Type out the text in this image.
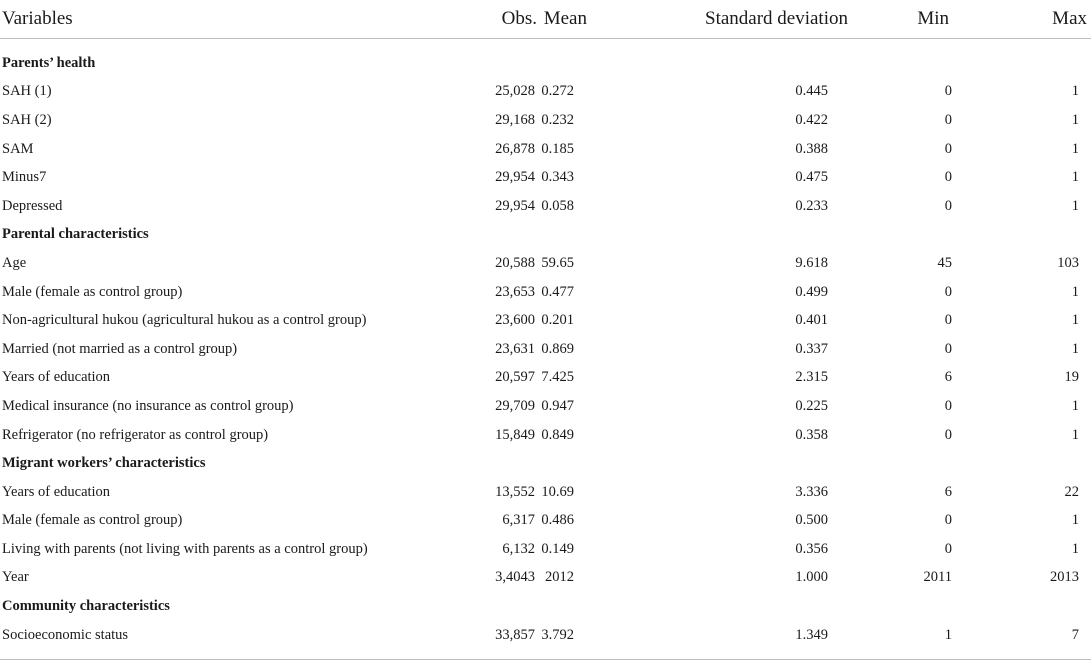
Variables	Obs.	Mean	Standard deviation	Min	Max
Parents’ health					
SAH (1)	25,028	0.272	0.445	0	1
SAH (2)	29,168	0.232	0.422	0	1
SAM	26,878	0.185	0.388	0	1
Minus7	29,954	0.343	0.475	0	1
Depressed	29,954	0.058	0.233	0	1
Parental characteristics					
Age	20,588	59.65	9.618	45	103
Male (female as control group)	23,653	0.477	0.499	0	1
Non-agricultural hukou (agricultural hukou as a control group)	23,600	0.201	0.401	0	1
Married (not married as a control group)	23,631	0.869	0.337	0	1
Years of education	20,597	7.425	2.315	6	19
Medical insurance (no insurance as control group)	29,709	0.947	0.225	0	1
Refrigerator (no refrigerator as control group)	15,849	0.849	0.358	0	1
Migrant workers’ characteristics					
Years of education	13,552	10.69	3.336	6	22
Male (female as control group)	6,317	0.486	0.500	0	1
Living with parents (not living with parents as a control group)	6,132	0.149	0.356	0	1
Year	3,4043	2012	1.000	2011	2013
Community characteristics					
Socioeconomic status	33,857	3.792	1.349	1	7
